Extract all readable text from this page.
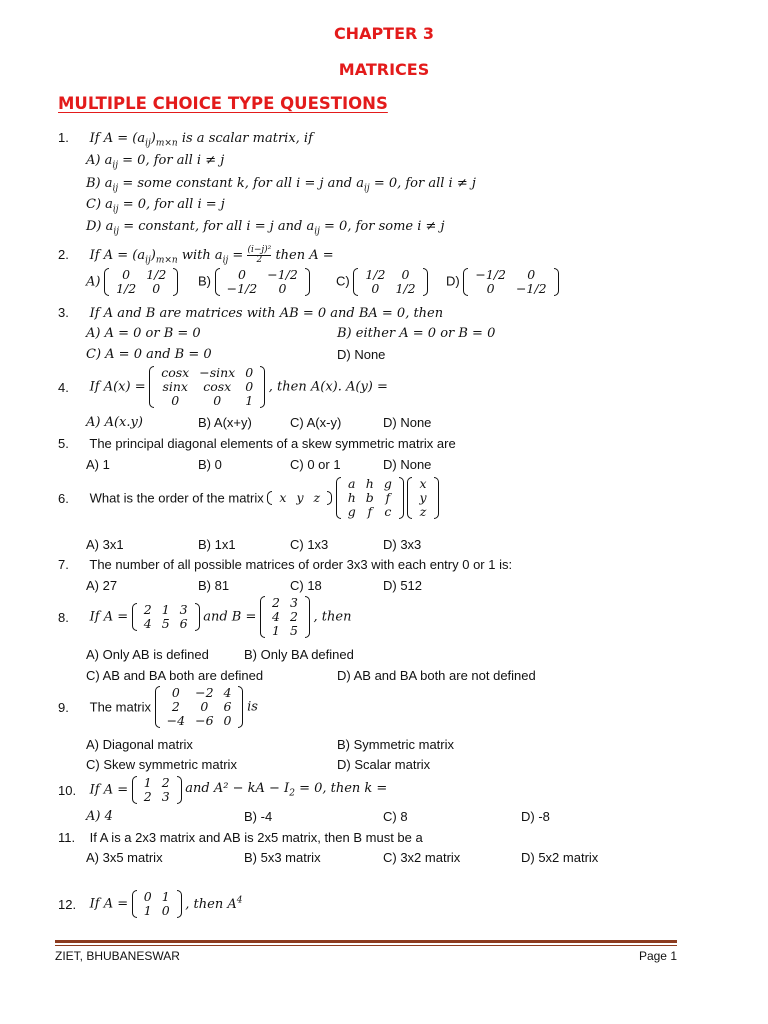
CHAPTER 3
MATRICES
MULTIPLE CHOICE TYPE QUESTIONS
1. If $A = (a_{ij})_{m\times n}$ is a scalar matrix, if
A) $a_{ij} = 0$, for all i ≠ j
B) $a_{ij}$ = some constant k, for all i = j and $a_{ij} = 0$, for all i ≠ j
C) $a_{ij} = 0$, for all i = j
D) $a_{ij}$ = constant, for all i = j and $a_{ij} = 0$, for some i ≠ j
2. If $A = (a_{ij})_{m\times n}$ with $a_{ij} = \frac{\text{(i−j)²}}{2}$ then A =
A) 0	1/2
1/2	0
B) 0	−1/2
−1/2	0
C) 1/2	0
0	1/2
D) −1/2	0
0	−1/2
3. If A and B are matrices with AB = 0 and BA = 0, then
A) A = 0 or B = 0	B) either A = 0 or B = 0
C) A = 0 and B = 0	D) None
4. If A(x) =
cosx	−sinx	0
sinx	cosx	0
0	0	1
, then A(x). A(y) =
A) A(x.y)	B) A(x+y)	C) A(x-y)	D) None
5. The principal diagonal elements of a skew symmetric matrix are
A) 1	B) 0	C) 0 or 1	D) None
6. What is the order of the matrix x	y	z

a	h	g
h	b	f
g	f	c

x
y
z
A) 3x1	B) 1x1	C) 1x3	D) 3x3
7. The number of all possible matrices of order 3x3 with each entry 0 or 1 is:
A) 27	B) 81	C) 18	D) 512
8. If A = 2	1	3
4	5	6 and B =
2	3
4	2
1	5
, then
A) Only AB is defined	B) Only BA defined
C) AB and BA both are defined	D) AB and BA both are not defined
9. The matrix
0	−2	4
2	0	6
−4	−6	0
is
A) Diagonal matrix	B) Symmetric matrix
C) Skew symmetric matrix	D) Scalar matrix
10. If A = 1	2
2	3
and A² − kA − $I_2 = 0$, then k =
A) 4	B) -4	C) 8	D) -8
11. If A is a 2x3 matrix and AB is 2x5 matrix, then B must be a
A) 3x5 matrix	B) 5x3 matrix	C) 3x2 matrix	D) 5x2 matrix
12. If A = 0	1
1	0 , then $A^4$
ZIET, BHUBANESWAR	Page 1
